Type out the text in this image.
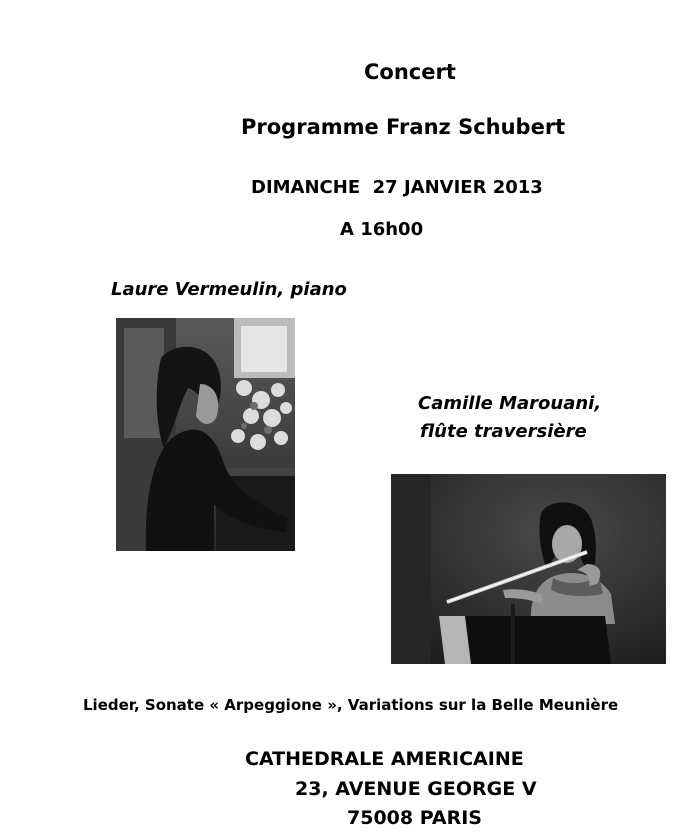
Concert
Programme Franz Schubert
DIMANCHE  27 JANVIER 2013
A 16h00
Laure Vermeulin, piano
Camille Marouani,
flûte traversière
Lieder, Sonate « Arpeggione », Variations sur la Belle Meunière
CATHEDRALE AMERICAINE
23, AVENUE GEORGE V
75008 PARIS
